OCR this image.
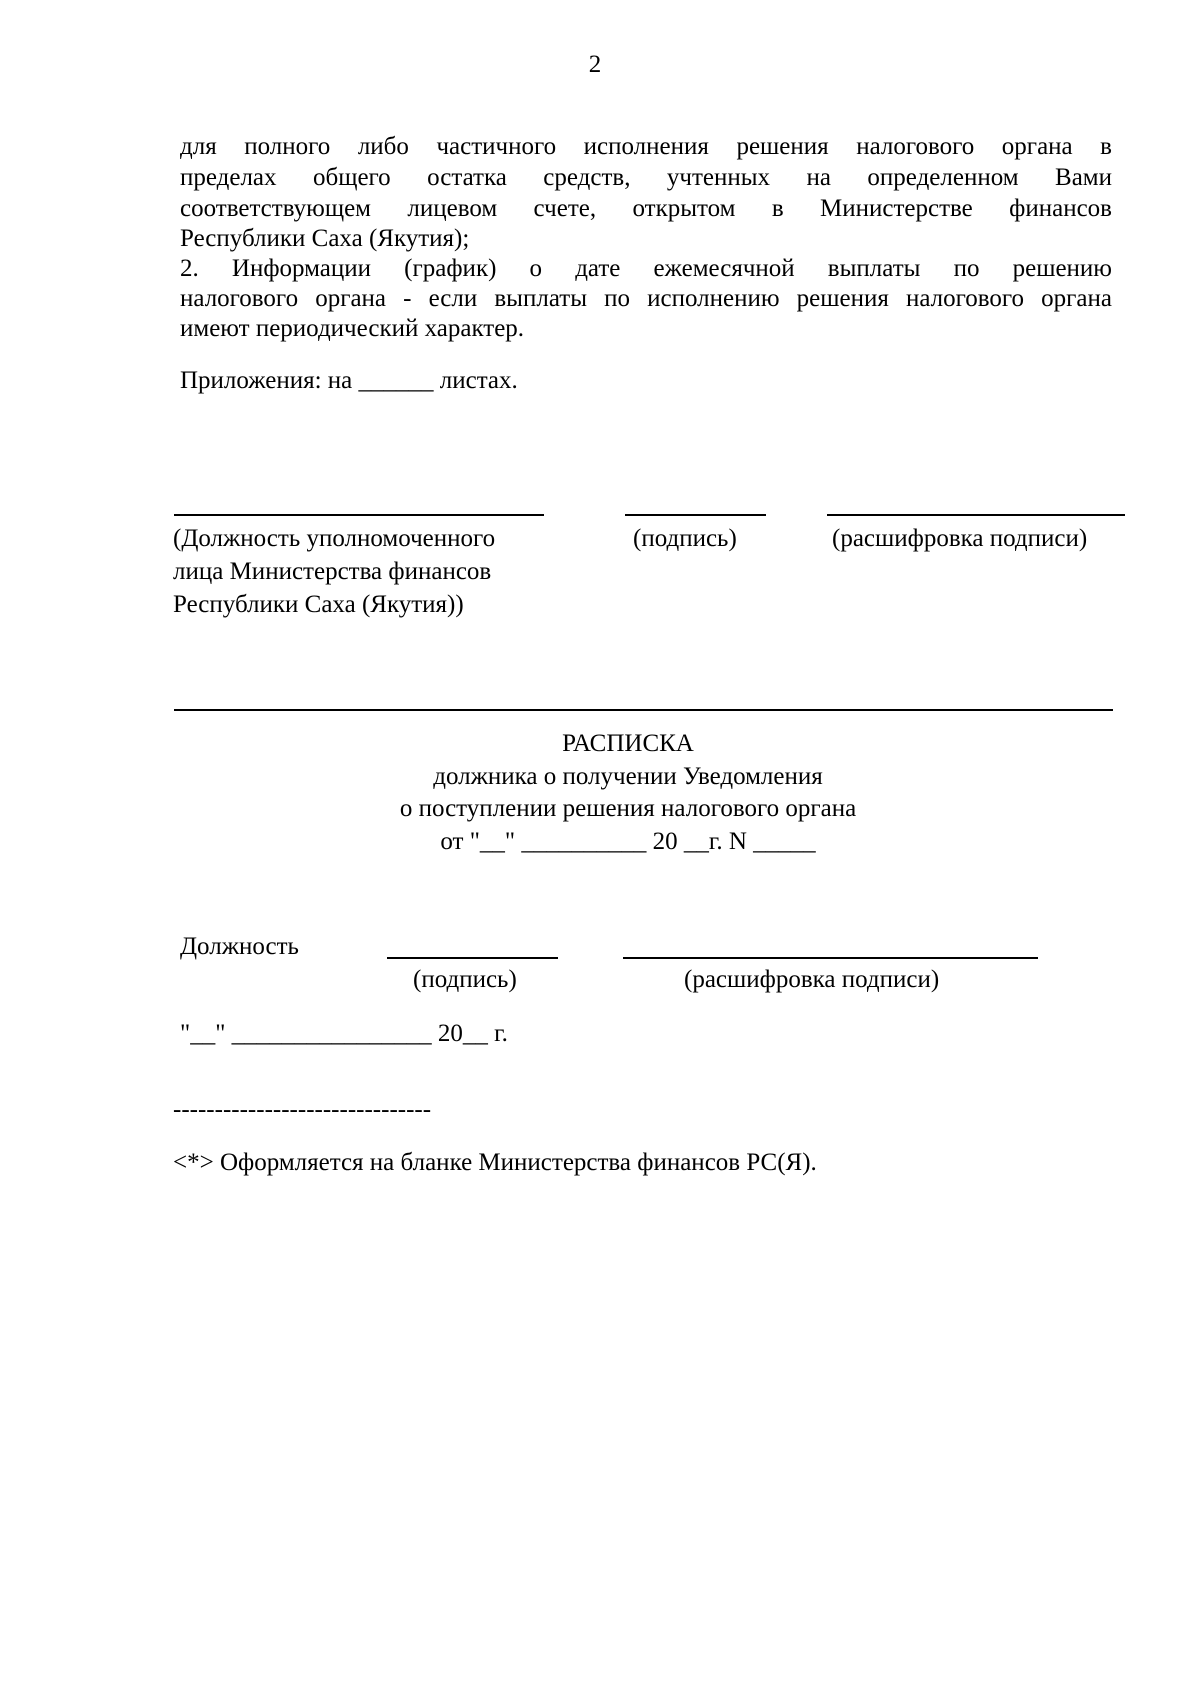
2
для полного либо частичного исполнения решения налогового органа в
пределах общего остатка средств, учтенных на определенном Вами
соответствующем лицевом счете, открытом в Министерстве финансов
Республики Саха (Якутия);
2. Информации (график) о дате ежемесячной выплаты по решению
налогового органа - если выплаты по исполнению решения налогового органа
имеют периодический характер.
Приложения: на ______ листах.
(Должность уполномоченного
лица Министерства финансов
Республики Саха (Якутия))
(подпись)	(расшифровка подписи)
РАСПИСКА
должника о получении Уведомления
о поступлении решения налогового органа
от "__" __________ 20 __г. N _____
Должность
(подпись)	(расшифровка подписи)
"__" ________________ 20__ г.
-------------------------------
<*> Оформляется на бланке Министерства финансов РС(Я).
